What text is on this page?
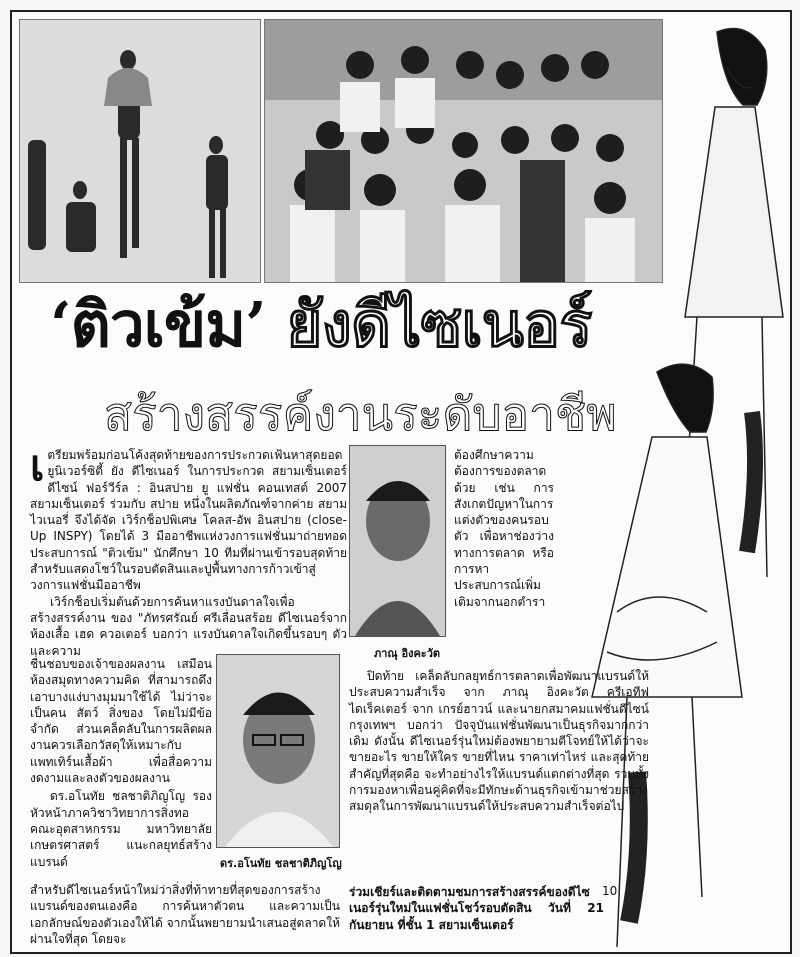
‘ติวเข้ม’ ยังดีไซเนอร์
สร้างสรรค์งานระดับอาชีพ
เ ตรียมพร้อมก่อนโค้งสุดท้ายของการประกวดเฟ้นหาสุดยอด ยูนิเวอร์ซิตี้ ยัง ดีไซเนอร์ ในการประกวด สยามเซ็นเตอร์ ดีไซน์ ฟอร์วีร์ล : อินสปาย ยู แฟชั่น คอนเทสต์ 2007 สยามเซ็นเตอร์ ร่วมกับ สปาย หนึ่งในผลิตภัณฑ์จากค่าย สยามไวเนอรี่ จึงได้จัด เวิร์กช็อปพิเศษ โคลส-อัพ อินสปาย (close-Up INSPY) โดยได้ 3 มืออาชีพแห่งวงการแฟชั่นมาถ่ายทอดประสบการณ์ "ติวเข้ม" นักศึกษา 10 ทีมที่ผ่านเข้ารอบสุดท้าย สำหรับแสดงโชว์ในรอบตัดสินและปูพื้นทางการก้าวเข้าสู่วงการแฟชั่นมืออาชีพ

เวิร์กช็อปเริ่มต้นด้วยการค้นหาแรงบันดาลใจเพื่อสร้างสรรค์งาน ของ "ภัทรศรัณย์ ศรีเลื่อนสร้อย ดีไซเนอร์จากห้องเสื้อ เฮด ควอเตอร์ บอกว่า แรงบันดาลใจเกิดขึ้นรอบๆ ตัว และความ

ชื่นชอบของเจ้าของผลงาน เสมือนห้องสมุดทางความคิด ที่สามารถดึงเอาบางแง่บางมุมมาใช้ได้ ไม่ว่าจะเป็นคน สัตว์ สิ่งของ โดยไม่มีข้อจำกัด ส่วนเคล็ดลับในการผลิตผลงานควรเลือกวัสดุให้เหมาะกับแพทเทิร์นเสื้อผ้า เพื่อสื่อความงดงามและลงตัวของผลงาน

ดร.อโนทัย ชลชาติภิญโญ รองหัวหน้าภาควิชาวิทยาการสิ่งทอ คณะอุตสาหกรรม มหาวิทยาลัยเกษตรศาสตร์ แนะกลยุทธ์สร้างแบรนด์

สำหรับดีไซเนอร์หน้าใหม่ว่าสิ่งที่ท้าทายที่สุดของการสร้างแบรนด์ของตนเองคือ การค้นหาตัวตน และความเป็นเอกลักษณ์ของตัวเองให้ได้ จากนั้นพยายามนำเสนอสู่ตลาดให้ผ่านใจที่สุด โดยจะ

ภาณุ อิงคะวัต
ดร.อโนทัย ชลชาติภิญโญ

ต้องศึกษาความต้องการของตลาด ด้วย เช่น การสังเกตปัญหาในการแต่งตัวของคนรอบตัว เพื่อหาช่องว่างทางการตลาด หรือการหาประสบการณ์เพิ่มเติมจากนอกตำรา

ปิดท้าย เคล็ดลับกลยุทธ์การตลาดเพื่อพัฒนาแบรนด์ให้ประสบความสำเร็จ จาก ภาณุ อิงคะวัต ครีเอทีฟ ไดเร็คเตอร์ จาก เกรย์ฮาวน์ และนายกสมาคมแฟชั่นดีไซน์ กรุงเทพฯ บอกว่า ปัจจุบันแฟชั่นพัฒนาเป็นธุรกิจมากกว่าเดิม ดังนั้น ดีไซเนอร์รุ่นใหม่ต้องพยายามตีโจทย์ให้ได้ว่าจะขายอะไร ขายให้ใคร ขายที่ไหน ราคาเท่าไหร่ และสุดท้ายสำคัญที่สุดคือ จะทำอย่างไรให้แบรนด์แตกต่างที่สุด รวมทั้งการมองหาเพื่อนคู่คิดที่จะมีทักษะด้านธุรกิจเข้ามาช่วยสร้างสมดุลในการพัฒนาแบรนด์ให้ประสบความสำเร็จต่อไป

ร่วมเชียร์และติดตามชมการสร้างสรรค์ของดีไซเนอร์รุ่นใหม่ในแฟชั่นโชว์รอบตัดสิน วันที่ 21 กันยายน ที่ชั้น 1 สยามเซ็นเตอร์

10
